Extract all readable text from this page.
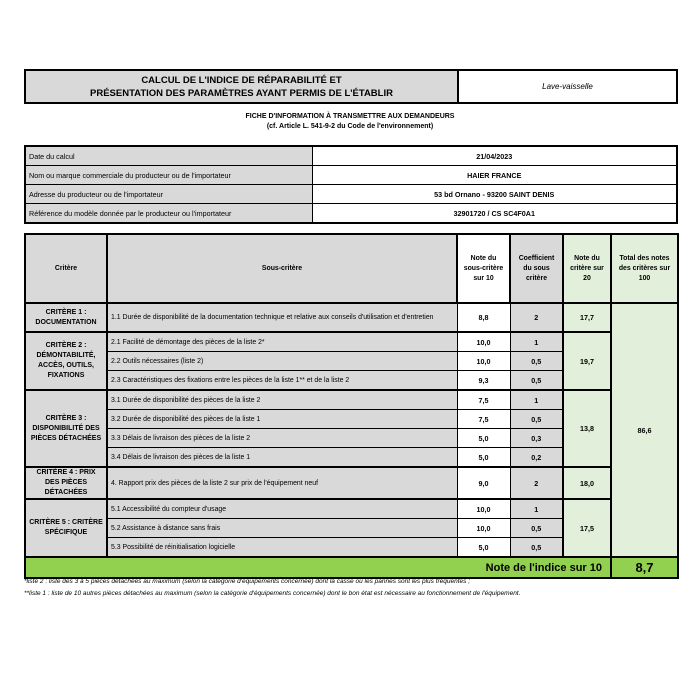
CALCUL DE L'INDICE DE RÉPARABILITÉ ET
PRÉSENTATION DES PARAMÈTRES AYANT PERMIS DE L'ÉTABLIR	Lave-vaisselle
FICHE D'INFORMATION À TRANSMETTRE AUX DEMANDEURS
(cf. Article L. 541-9-2 du Code de l'environnement)
Date du calcul	21/04/2023
Nom ou marque commerciale du producteur ou de l'importateur	HAIER FRANCE
Adresse du producteur ou de l'importateur	53 bd Ornano - 93200 SAINT DENIS
Référence du modèle donnée par le producteur ou l'importateur	32901720 / CS SC4F0A1
Critère	Sous-critère	Note du sous-critère sur 10	Coefficient du sous critère	Note du critère sur 20	Total des notes des critères sur 100
CRITÈRE 1 : DOCUMENTATION	1.1 Durée de disponibilité de la documentation technique et relative aux conseils d'utilisation et d'entretien	8,8	2	17,7	86,6
CRITÈRE 2 : DÉMONTABILITÉ, ACCÈS, OUTILS, FIXATIONS	2.1 Facilité de démontage des pièces de la liste 2*	10,0	1	19,7	
	2.2 Outils nécessaires (liste 2)	10,0	0,5		
	2.3 Caractéristiques des fixations entre les pièces de la liste 1** et de la liste 2	9,3	0,5		
CRITÈRE 3 : DISPONIBILITÉ DES PIÈCES DÉTACHÉES	3.1 Durée de disponibilité des pièces de la liste 2	7,5	1	13,8	
	3.2 Durée de disponibilité des pièces de la liste 1	7,5	0,5		
	3.3 Délais de livraison des pièces de la liste 2	5,0	0,3		
	3.4 Délais de livraison des pièces de la liste 1	5,0	0,2		
CRITÈRE 4 : PRIX DES PIÈCES DÉTACHÉES	4. Rapport prix des pièces de la liste 2 sur prix de l'équipement neuf	9,0	2	18,0	
CRITÈRE 5 : CRITÈRE SPÉCIFIQUE	5.1 Accessibilité du compteur d'usage	10,0	1	17,5	
	5.2 Assistance à distance sans frais	10,0	0,5		
	5.3 Possibilité de réinitialisation logicielle	5,0	0,5		
Note de l'indice sur 10					8,7
*liste 2 : liste des 3 à 5 pièces détachées au maximum (selon la catégorie d'équipements concernée) dont la casse ou les pannes sont les plus fréquentes ;
**liste 1 : liste de 10 autres pièces détachées au maximum (selon la catégorie d'équipements concernée) dont le bon état est nécessaire au fonctionnement de l'équipement.
